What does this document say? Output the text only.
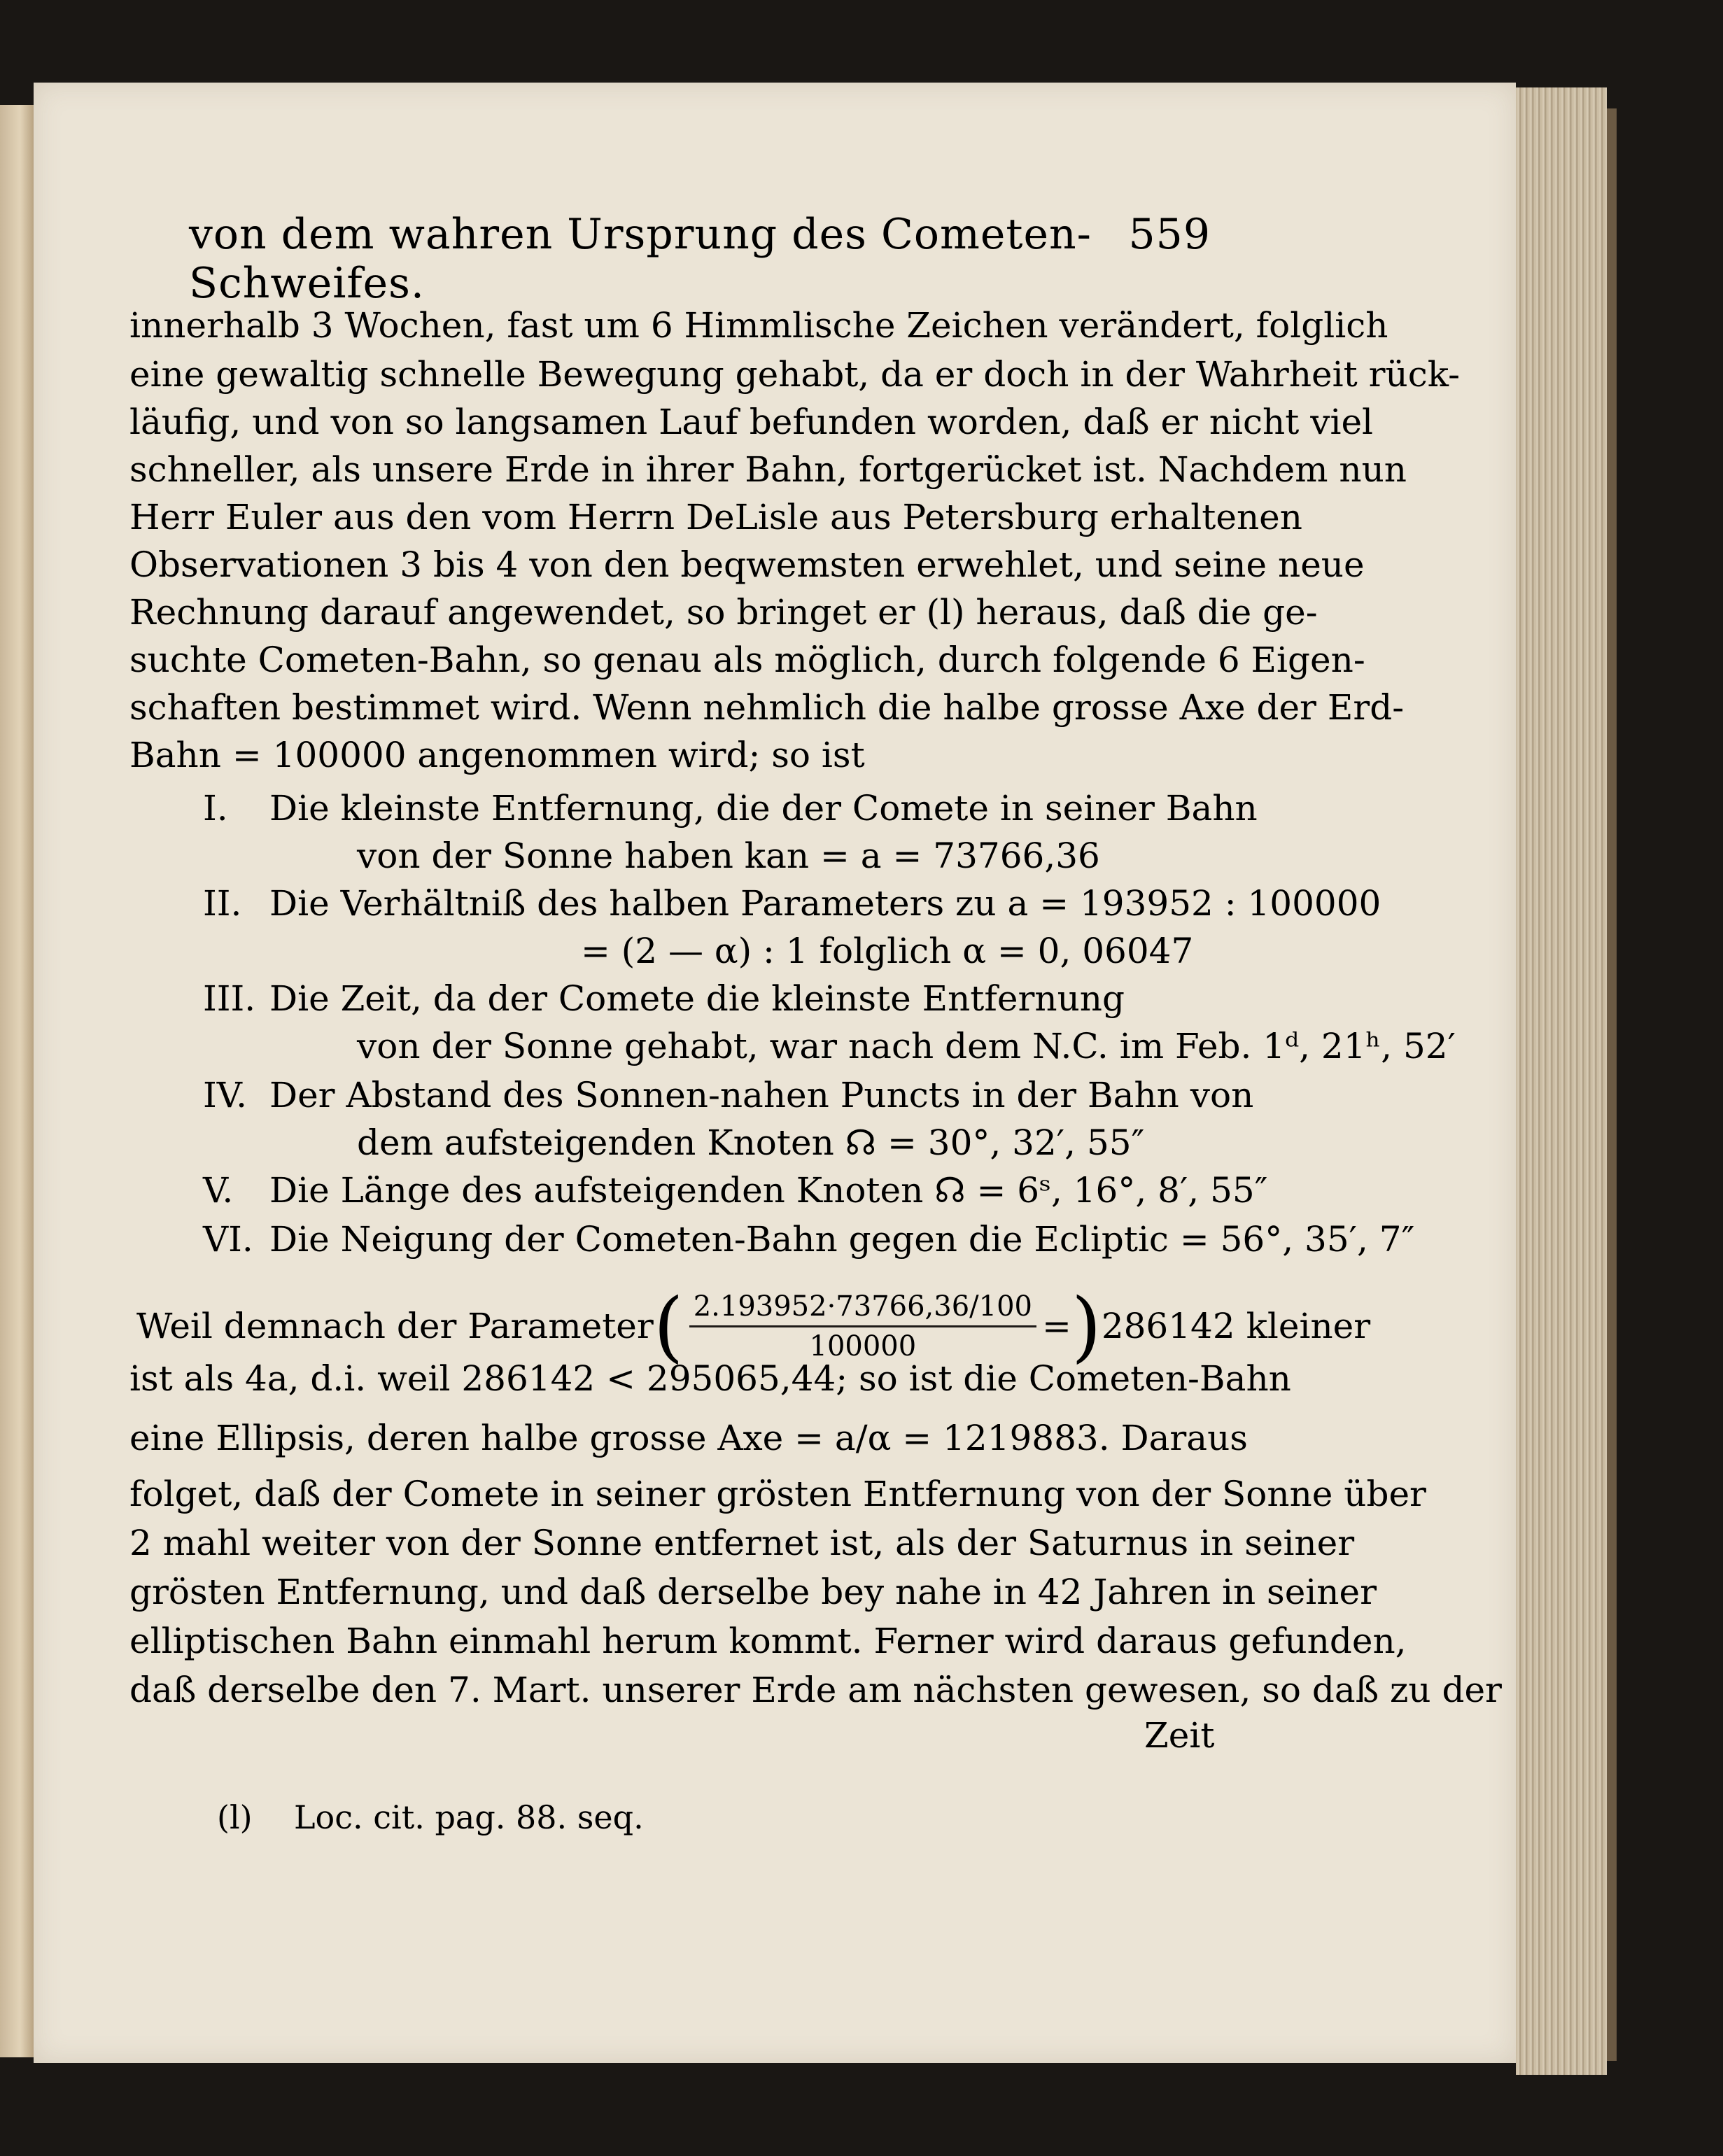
von dem wahren Ursprung des Cometen-Schweifes.
559
innerhalb 3 Wochen, fast um 6 Himmlische Zeichen verändert, folglich
eine gewaltig schnelle Bewegung gehabt, da er doch in der Wahrheit rück-
läufig, und von so langsamen Lauf befunden worden, daß er nicht viel
schneller, als unsere Erde in ihrer Bahn, fortgerücket ist. Nachdem nun
Herr Euler aus den vom Herrn DeLisle aus Petersburg erhaltenen
Observationen 3 bis 4 von den beqwemsten erwehlet, und seine neue
Rechnung darauf angewendet, so bringet er (l) heraus, daß die ge-
suchte Cometen-Bahn, so genau als möglich, durch folgende 6 Eigen-
schaften bestimmet wird. Wenn nehmlich die halbe grosse Axe der Erd-
Bahn = 100000 angenommen wird; so ist
I. Die kleinste Entfernung, die der Comete in seiner Bahn
von der Sonne haben kan = a = 73766,36
II. Die Verhältniß des halben Parameters zu a = 193952 : 100000
= (2 — α) : 1 folglich α = 0, 06047
III. Die Zeit, da der Comete die kleinste Entfernung
von der Sonne gehabt, war nach dem N.C. im Feb. 1ᵈ, 21ʰ, 52′
IV. Der Abstand des Sonnen-nahen Puncts in der Bahn von
dem aufsteigenden Knoten ☊ = 30°, 32′, 55″
V. Die Länge des aufsteigenden Knoten ☊ = 6ˢ, 16°, 8′, 55″
VI. Die Neigung der Cometen-Bahn gegen die Ecliptic = 56°, 35′, 7″
Weil demnach der Parameter ( $\frac{2.193952\cdot 73766,36/100}{100000}$ = ) 286142 kleiner
ist als 4a, d.i. weil 286142 < 295065,44; so ist die Cometen-Bahn
eine Ellipsis, deren halbe grosse Axe = a/α = 1219883. Daraus
folget, daß der Comete in seiner grösten Entfernung von der Sonne über
2 mahl weiter von der Sonne entfernet ist, als der Saturnus in seiner
grösten Entfernung, und daß derselbe bey nahe in 42 Jahren in seiner
elliptischen Bahn einmahl herum kommt. Ferner wird daraus gefunden,
daß derselbe den 7. Mart. unserer Erde am nächsten gewesen, so daß zu der
Zeit
(l) Loc. cit. pag. 88. seq.
